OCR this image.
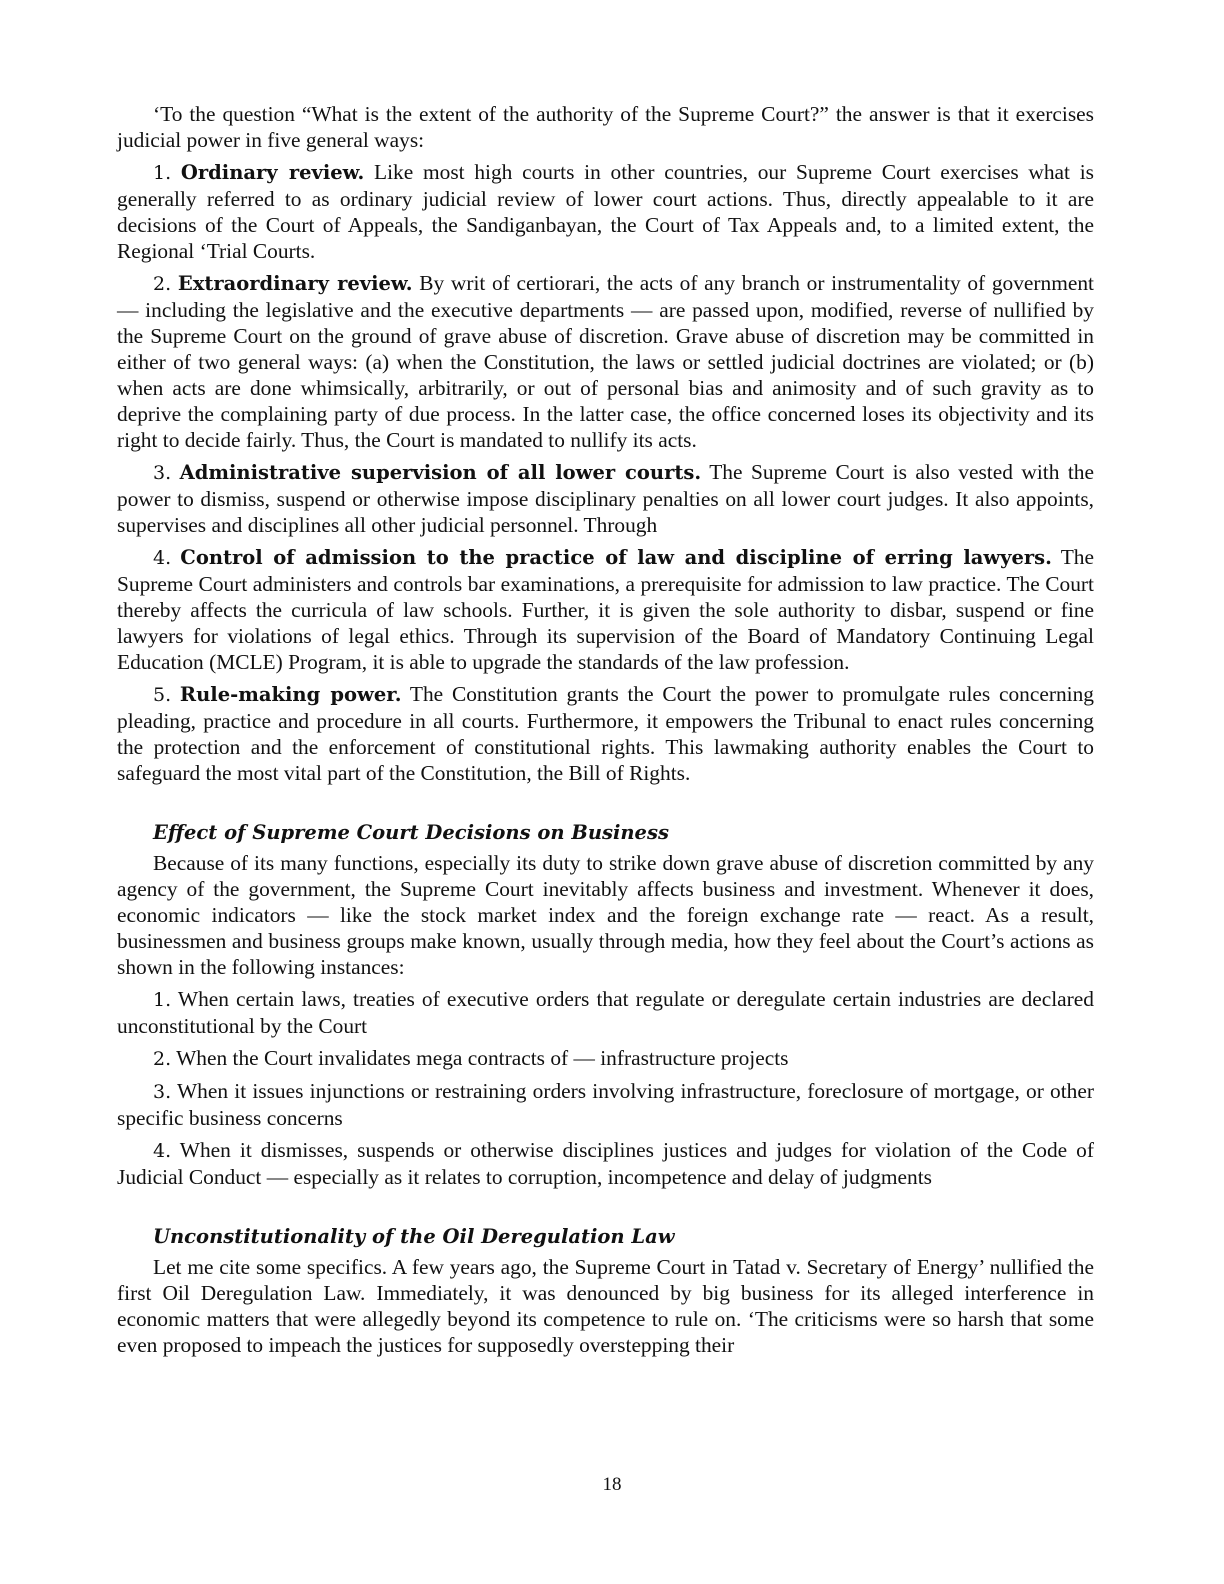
‘To the question “What is the extent of the authority of the Supreme Court?” the answer is that it exercises judicial power in five general ways:

1. Ordinary review. Like most high courts in other countries, our Supreme Court exercises what is generally referred to as ordinary judicial review of lower court actions. Thus, directly appealable to it are decisions of the Court of Appeals, the Sandiganbayan, the Court of Tax Appeals and, to a limited extent, the Regional ‘Trial Courts.

2. Extraordinary review. By writ of certiorari, the acts of any branch or instrumentality of government — including the legislative and the executive departments — are passed upon, modified, reverse of nullified by the Supreme Court on the ground of grave abuse of discretion. Grave abuse of discretion may be committed in either of two general ways: (a) when the Constitution, the laws or settled judicial doctrines are violated; or (b) when acts are done whimsically, arbitrarily, or out of personal bias and animosity and of such gravity as to deprive the complaining party of due process. In the latter case, the office concerned loses its objectivity and its right to decide fairly. Thus, the Court is mandated to nullify its acts.

3. Administrative supervision of all lower courts. The Supreme Court is also vested with the power to dismiss, suspend or otherwise impose disciplinary penalties on all lower court judges. It also appoints, supervises and disciplines all other judicial personnel. Through

4. Control of admission to the practice of law and discipline of erring lawyers. The Supreme Court administers and controls bar examinations, a prerequisite for admission to law practice. The Court thereby affects the curricula of law schools. Further, it is given the sole authority to disbar, suspend or fine lawyers for violations of legal ethics. Through its supervision of the Board of Mandatory Continuing Legal Education (MCLE) Program, it is able to upgrade the standards of the law profession.

5. Rule-making power. The Constitution grants the Court the power to promulgate rules concerning pleading, practice and procedure in all courts. Furthermore, it empowers the Tribunal to enact rules concerning the protection and the enforcement of constitutional rights. This lawmaking authority enables the Court to safeguard the most vital part of the Constitution, the Bill of Rights.

Effect of Supreme Court Decisions on Business

Because of its many functions, especially its duty to strike down grave abuse of discretion committed by any agency of the government, the Supreme Court inevitably affects business and investment. Whenever it does, economic indicators — like the stock market index and the foreign exchange rate — react. As a result, businessmen and business groups make known, usually through media, how they feel about the Court’s actions as shown in the following instances:

1. When certain laws, treaties of executive orders that regulate or deregulate certain industries are declared unconstitutional by the Court

2. When the Court invalidates mega contracts of — infrastructure projects

3. When it issues injunctions or restraining orders involving infrastructure, foreclosure of mortgage, or other specific business concerns

4. When it dismisses, suspends or otherwise disciplines justices and judges for violation of the Code of Judicial Conduct — especially as it relates to corruption, incompetence and delay of judgments

Unconstitutionality of the Oil Deregulation Law

Let me cite some specifics. A few years ago, the Supreme Court in Tatad v. Secretary of Energy’ nullified the first Oil Deregulation Law. Immediately, it was denounced by big business for its alleged interference in economic matters that were allegedly beyond its competence to rule on. ‘The criticisms were so harsh that some even proposed to impeach the justices for supposedly overstepping their

18
